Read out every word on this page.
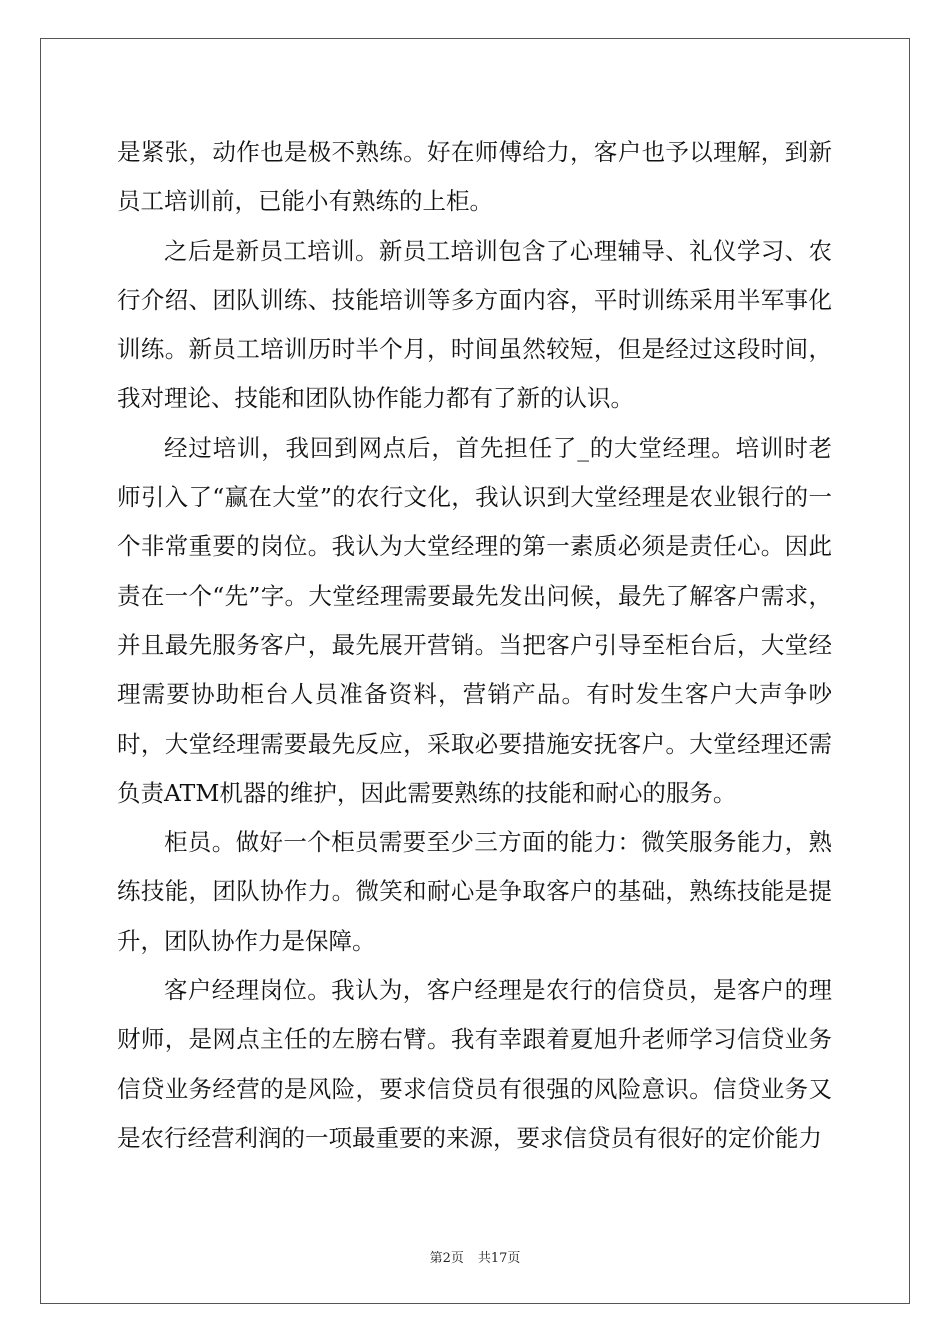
是紧张，动作也是极不熟练。好在师傅给力，客户也予以理解，到新员工培训前，已能小有熟练的上柜。

之后是新员工培训。新员工培训包含了心理辅导、礼仪学习、农行介绍、团队训练、技能培训等多方面内容，平时训练采用半军事化训练。新员工培训历时半个月，时间虽然较短，但是经过这段时间，我对理论、技能和团队协作能力都有了新的认识。

经过培训，我回到网点后，首先担任了_的大堂经理。培训时老师引入了“赢在大堂”的农行文化，我认识到大堂经理是农业银行的一个非常重要的岗位。我认为大堂经理的第一素质必须是责任心。因此责在一个“先”字。大堂经理需要最先发出问候，最先了解客户需求，并且最先服务客户，最先展开营销。当把客户引导至柜台后，大堂经理需要协助柜台人员准备资料，营销产品。有时发生客户大声争吵时，大堂经理需要最先反应，采取必要措施安抚客户。大堂经理还需负责ATM机器的维护，因此需要熟练的技能和耐心的服务。

柜员。做好一个柜员需要至少三方面的能力：微笑服务能力，熟练技能，团队协作力。微笑和耐心是争取客户的基础，熟练技能是提升，团队协作力是保障。

客户经理岗位。我认为，客户经理是农行的信贷员，是客户的理财师，是网点主任的左膀右臂。我有幸跟着夏旭升老师学习信贷业务信贷业务经营的是风险，要求信贷员有很强的风险意识。信贷业务又是农行经营利润的一项最重要的来源，要求信贷员有很好的定价能力

第2页 共17页
